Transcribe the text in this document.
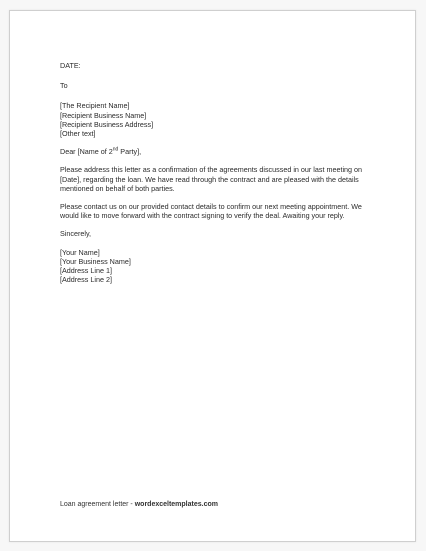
DATE:
To
[The Recipient Name]
[Recipient Business Name]
[Recipient Business Address]
[Other text]
Dear [Name of 2nd Party],

Please address this letter as a confirmation of the agreements discussed in our last meeting on [Date], regarding the loan. We have read through the contract and are pleased with the details mentioned on behalf of both parties.

Please contact us on our provided contact details to confirm our next meeting appointment. We would like to move forward with the contract signing to verify the deal. Awaiting your reply.

Sincerely,
[Your Name]
[Your Business Name]
[Address Line 1]
[Address Line 2]
Loan agreement letter - wordexceltemplates.com
